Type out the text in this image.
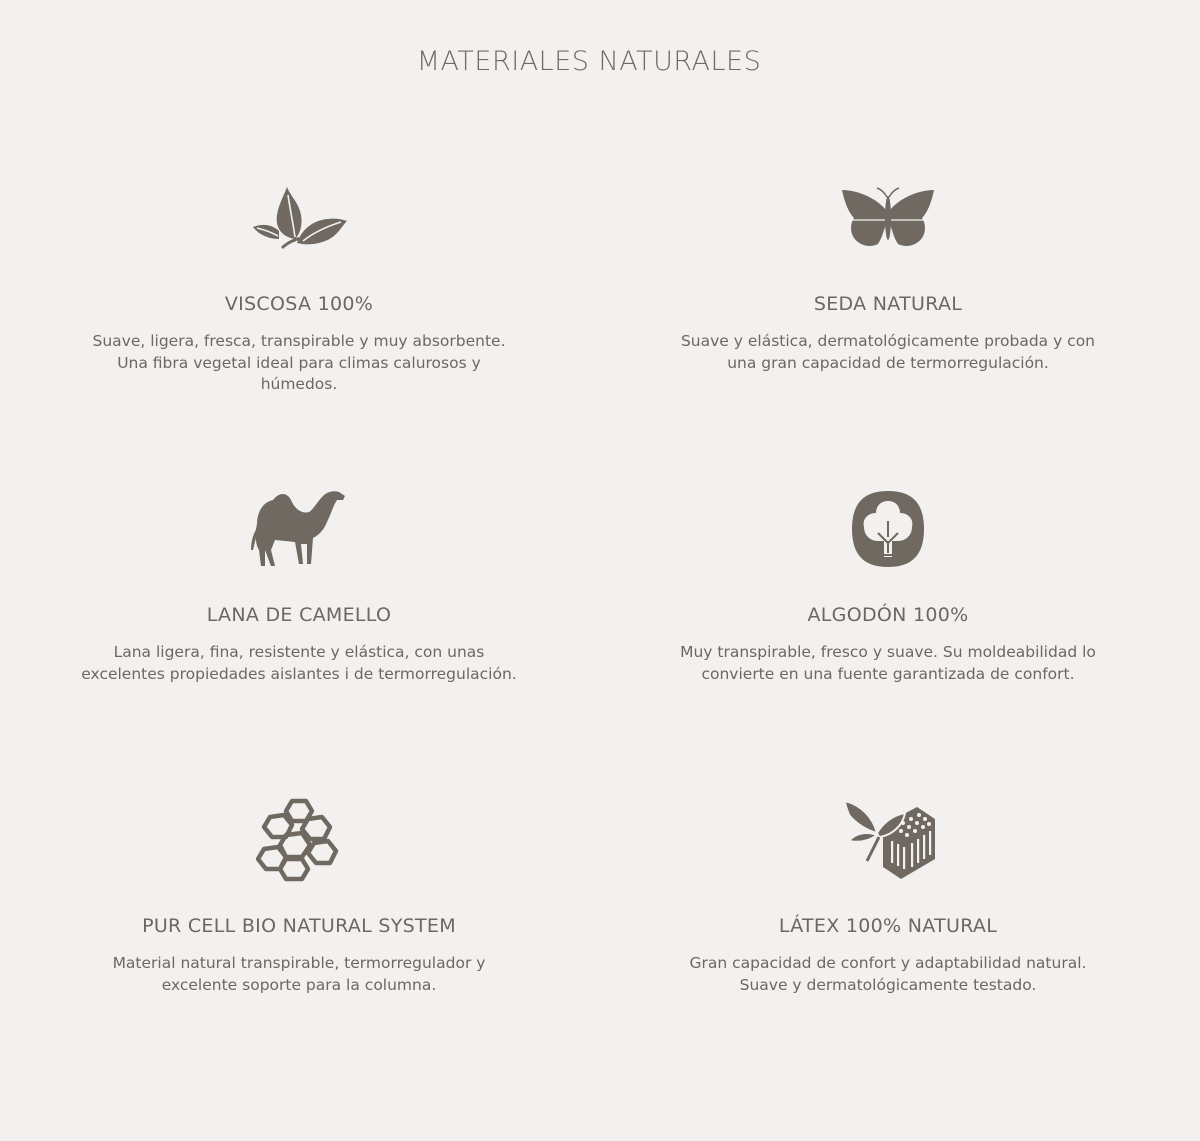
MATERIALES NATURALES
VISCOSA 100%

Suave, ligera, fresca, transpirable y muy absorbente. Una fibra vegetal ideal para climas calurosos y húmedos.

SEDA NATURAL

Suave y elástica, dermatológicamente probada y con una gran capacidad de termorregulación.

LANA DE CAMELLO

Lana ligera, fina, resistente y elástica, con unas excelentes propiedades aislantes i de termorregulación.

ALGODÓN 100%

Muy transpirable, fresco y suave. Su moldeabilidad lo convierte en una fuente garantizada de confort.

PUR CELL BIO NATURAL SYSTEM

Material natural transpirable, termorregulador y excelente soporte para la columna.

LÁTEX 100% NATURAL

Gran capacidad de confort y adaptabilidad natural. Suave y dermatológicamente testado.
